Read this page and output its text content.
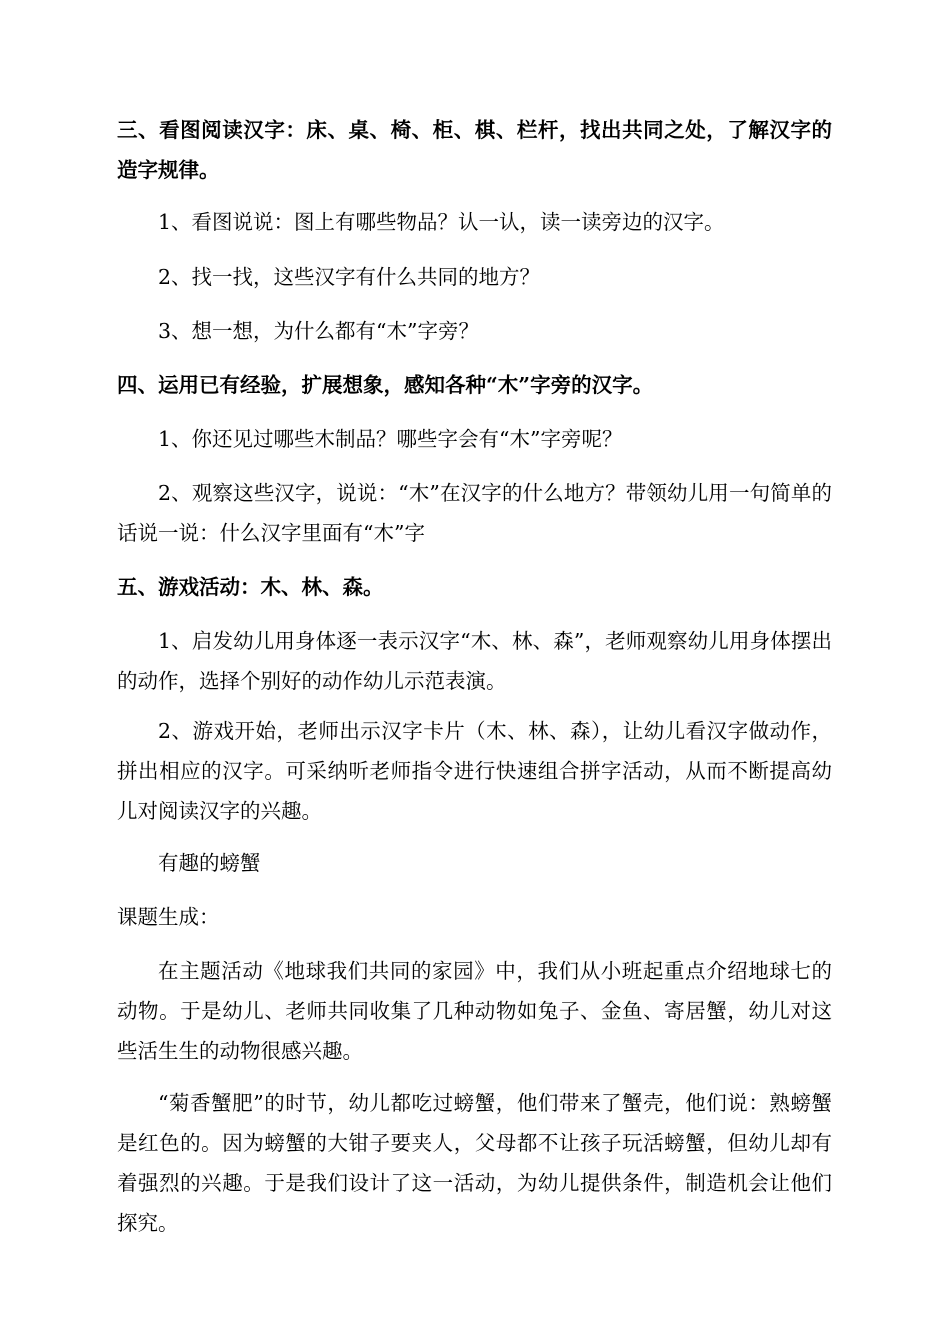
三、看图阅读汉字：床、桌、椅、柜、棋、栏杆，找出共同之处，了解汉字的造字规律。

1、看图说说：图上有哪些物品？认一认，读一读旁边的汉字。

2、找一找，这些汉字有什么共同的地方？

3、想一想，为什么都有“木”字旁？

四、运用已有经验，扩展想象，感知各种“木”字旁的汉字。

1、你还见过哪些木制品？哪些字会有“木”字旁呢？

2、观察这些汉字，说说：“木”在汉字的什么地方？带领幼儿用一句简单的话说一说：什么汉字里面有“木”字

五、游戏活动：木、林、森。

1、启发幼儿用身体逐一表示汉字“木、林、森”，老师观察幼儿用身体摆出的动作，选择个别好的动作幼儿示范表演。

2、游戏开始，老师出示汉字卡片（木、林、森），让幼儿看汉字做动作，拼出相应的汉字。可采纳听老师指令进行快速组合拼字活动，从而不断提高幼儿对阅读汉字的兴趣。

有趣的螃蟹

课题生成：

在主题活动《地球我们共同的家园》中，我们从小班起重点介绍地球七的动物。于是幼儿、老师共同收集了几种动物如兔子、金鱼、寄居蟹，幼儿对这些活生生的动物很感兴趣。

“菊香蟹肥”的时节，幼儿都吃过螃蟹，他们带来了蟹壳，他们说：熟螃蟹是红色的。因为螃蟹的大钳子要夹人，父母都不让孩子玩活螃蟹，但幼儿却有着强烈的兴趣。于是我们设计了这一活动，为幼儿提供条件，制造机会让他们探究。
